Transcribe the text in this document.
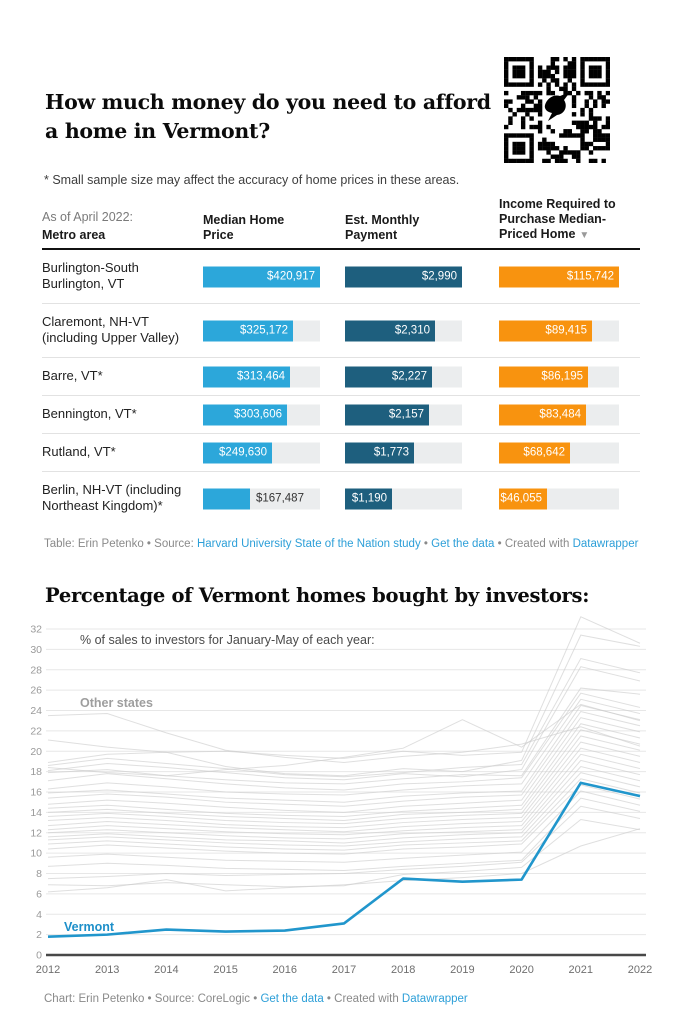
How much money do you need to afford
a home in Vermont?

* Small sample size may affect the accuracy of home prices in these areas.

As of April 2022:
Metro area
Median Home Price
Est. Monthly Payment
Income Required to Purchase Median-Priced Home ▼
Burlington-South Burlington, VT	$420,917	$2,990	$115,742
Claremont, NH-VT (including Upper Valley)	$325,172	$2,310	$89,415
Barre, VT*	$313,464	$2,227	$86,195
Bennington, VT*	$303,606	$2,157	$83,484
Rutland, VT*	$249,630	$1,773	$68,642
Berlin, NH-VT (including Northeast Kingdom)*	$167,487	$1,190	$46,055

Table: Erin Petenko • Source: Harvard University State of the Nation study • Get the data • Created with Datawrapper

Percentage of Vermont homes bought by investors:
0
2
4
6
8
10
12
14
16
18
20
22
24
26
28
30
32
2012	2013	2014	2015	2016	2017	2018	2019	2020	2021	2022
% of sales to investors for January-May of each year:
Other states
Vermont

Chart: Erin Petenko • Source: CoreLogic • Get the data • Created with Datawrapper
